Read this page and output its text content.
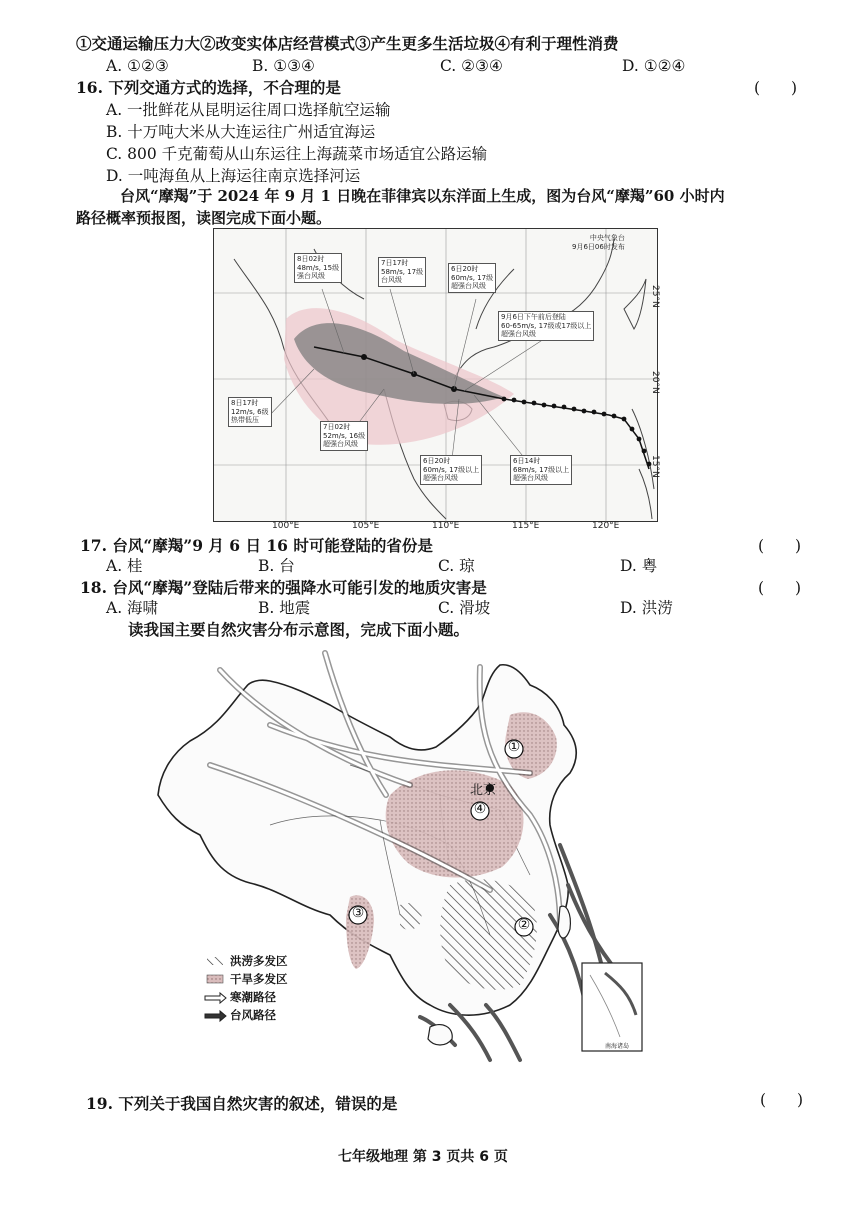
①交通运输压力大②改变实体店经营模式③产生更多生活垃圾④有利于理性消费
A. ①②③	B. ①③④	C. ②③④	D. ①②④
16. 下列交通方式的选择，不合理的是	(　　)
A. 一批鲜花从昆明运往周口选择航空运输
B. 十万吨大米从大连运往广州适宜海运
C. 800 千克葡萄从山东运往上海蔬菜市场适宜公路运输
D. 一吨海鱼从上海运往南京选择河运
台风“摩羯”于 2024 年 9 月 1 日晚在菲律宾以东洋面上生成，图为台风“摩羯”60 小时内
路径概率预报图，读图完成下面小题。
中央气象台
9月6日06时发布
8日02时
48m/s, 15级
强台风级
7日17时
58m/s, 17级
台风级
6日20时
60m/s, 17级
超强台风级
9月6日下午前后登陆
60-65m/s, 17级或17级以上
超强台风级
8日17时
12m/s, 6级
热带低压
7日02时
52m/s, 16级
超强台风级
6日20时
60m/s, 17级以上
超强台风级
6日14时
68m/s, 17级以上
超强台风级
25°N
20°N
15°N
100°E	105°E	110°E	115°E	120°E
17. 台风“摩羯”9 月 6 日 16 时可能登陆的省份是	(　　)
A. 桂	B. 台	C. 琼	D. 粤
18. 台风“摩羯”登陆后带来的强降水可能引发的地质灾害是	(　　)
A. 海啸	B. 地震	C. 滑坡	D. 洪涝
读我国主要自然灾害分布示意图，完成下面小题。
①
②
③
④
北京
南海诸岛
洪涝多发区
干旱多发区
寒潮路径
台风路径
19. 下列关于我国自然灾害的叙述，错误的是	(　　)
七年级地理 第 3 页共 6 页
